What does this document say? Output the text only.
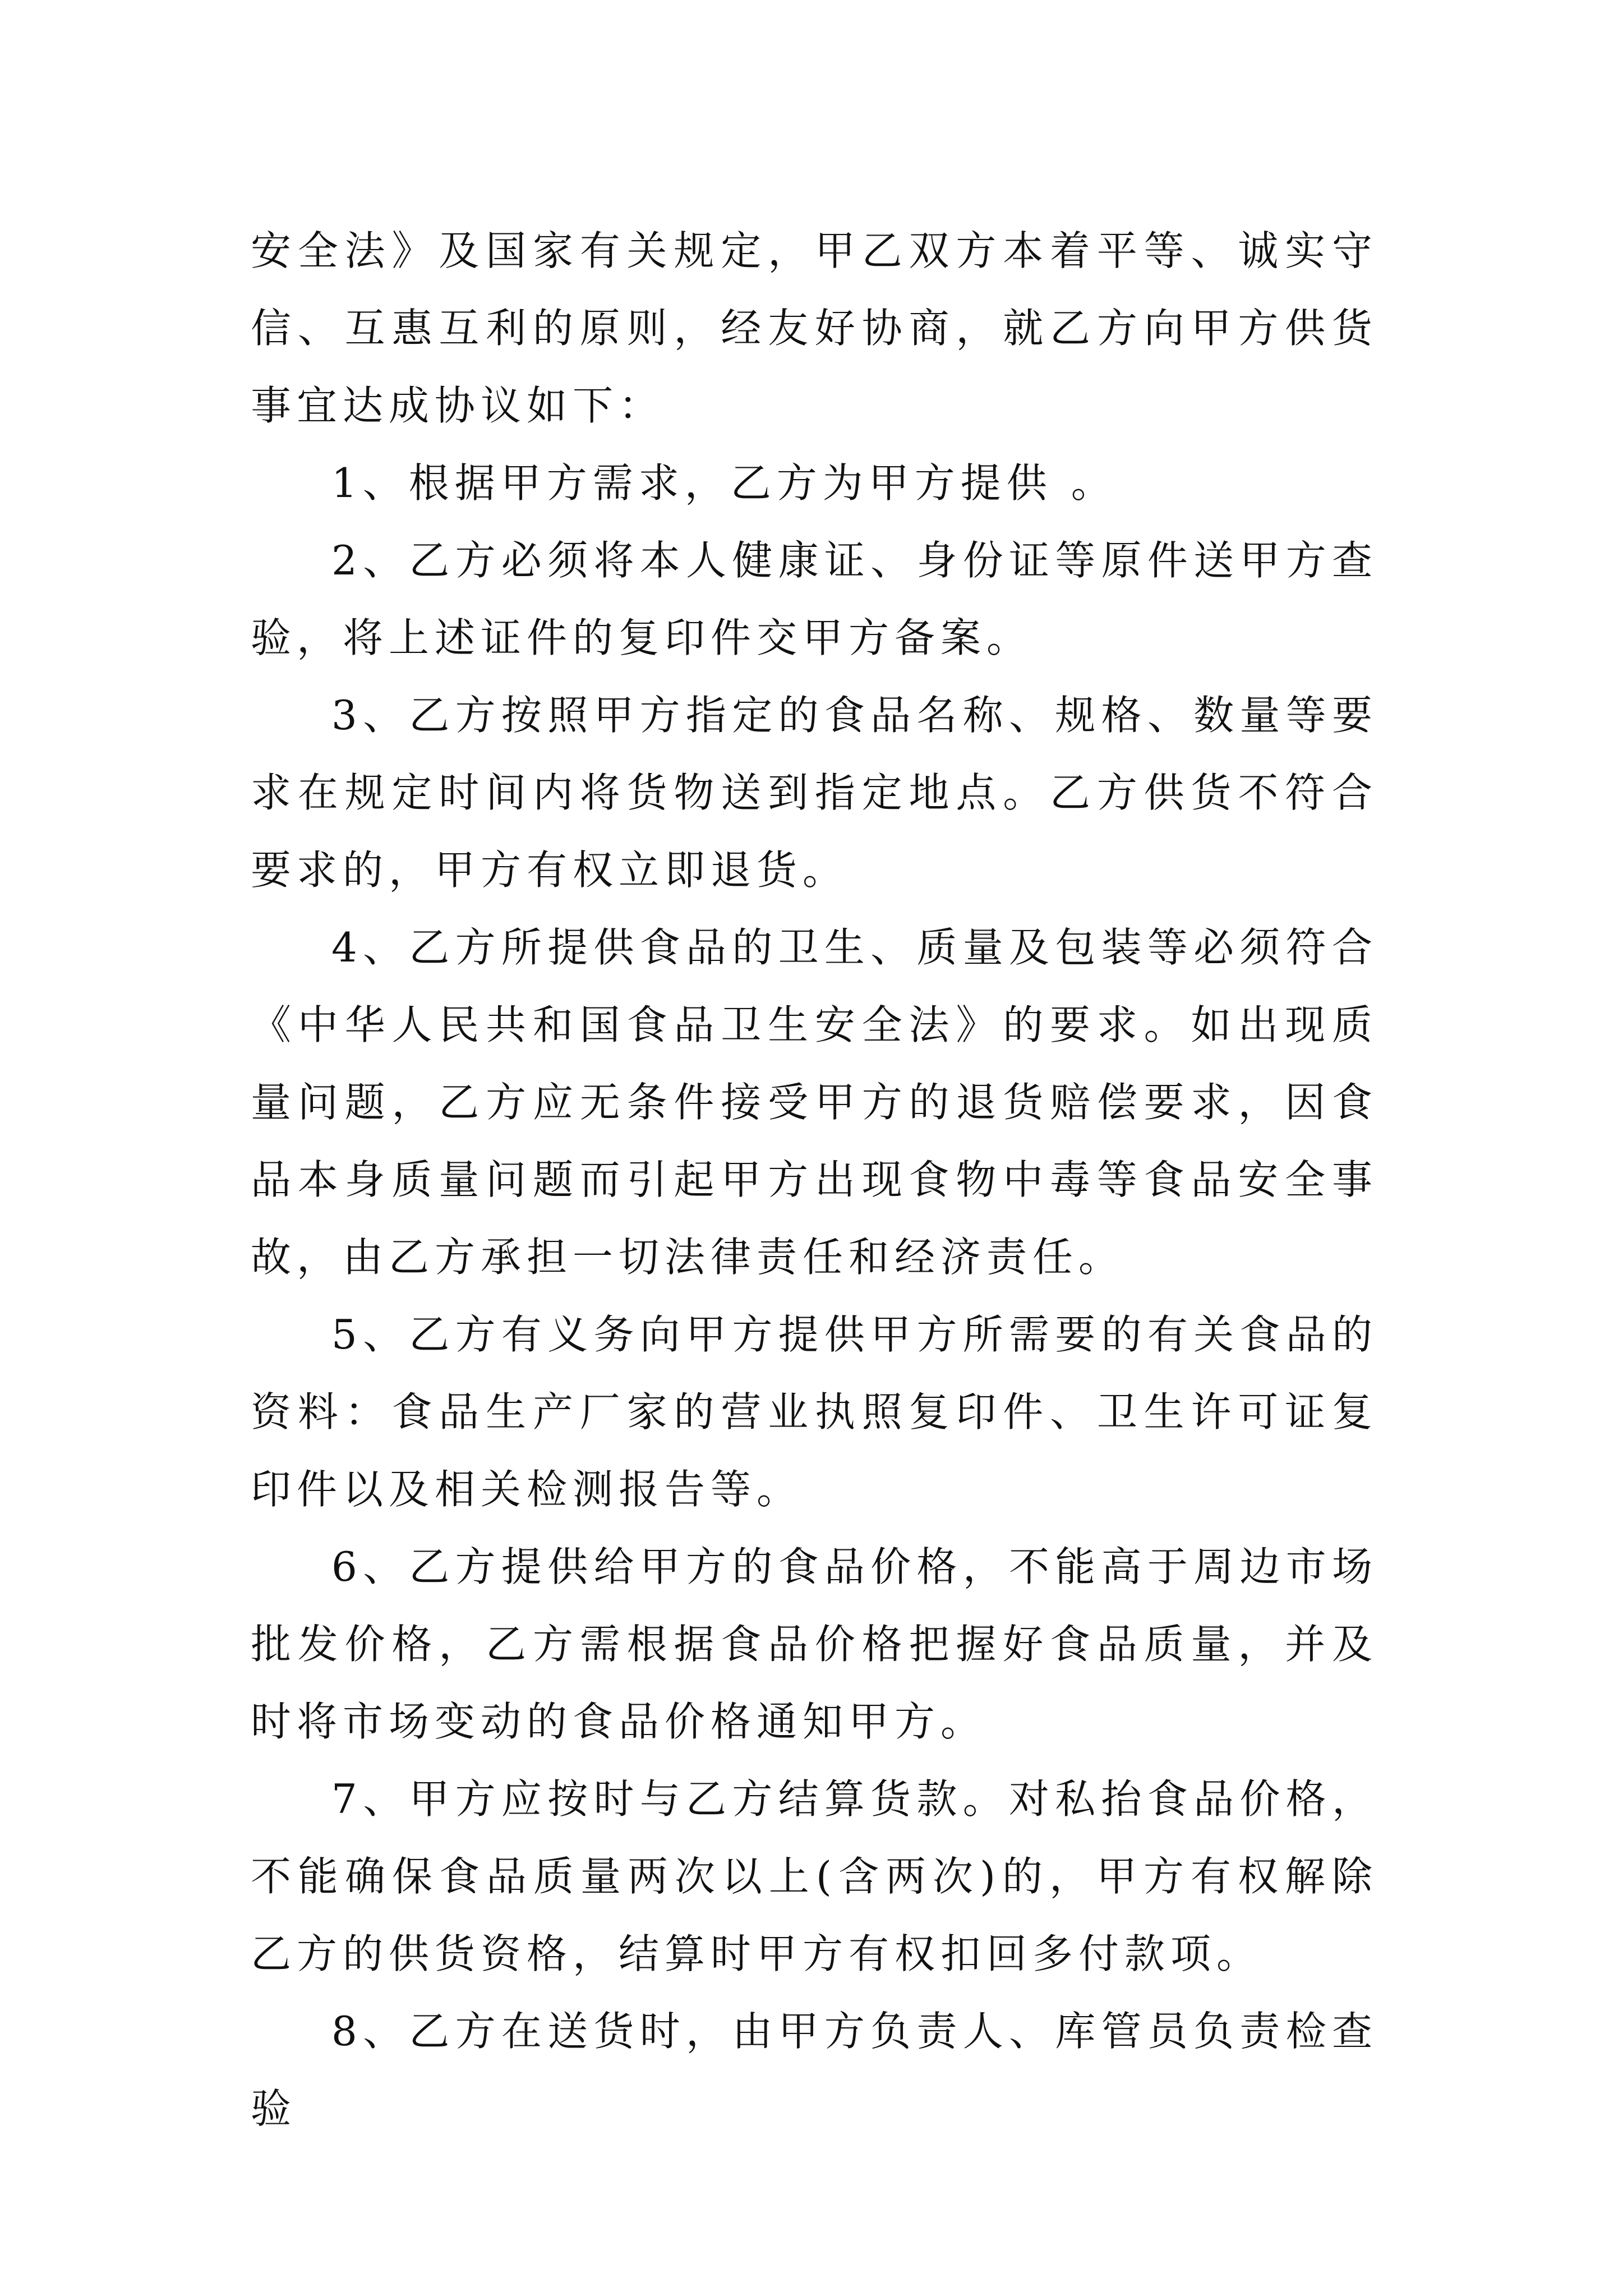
安全法》及国家有关规定，甲乙双方本着平等、诚实守信、互惠互利的原则，经友好协商，就乙方向甲方供货事宜达成协议如下：

1、根据甲方需求，乙方为甲方提供 。

2、乙方必须将本人健康证、身份证等原件送甲方查验，将上述证件的复印件交甲方备案。

3、乙方按照甲方指定的食品名称、规格、数量等要求在规定时间内将货物送到指定地点。乙方供货不符合要求的，甲方有权立即退货。

4、乙方所提供食品的卫生、质量及包装等必须符合《中华人民共和国食品卫生安全法》的要求。如出现质量问题，乙方应无条件接受甲方的退货赔偿要求，因食品本身质量问题而引起甲方出现食物中毒等食品安全事故，由乙方承担一切法律责任和经济责任。

5、乙方有义务向甲方提供甲方所需要的有关食品的资料：食品生产厂家的营业执照复印件、卫生许可证复印件以及相关检测报告等。

6、乙方提供给甲方的食品价格，不能高于周边市场批发价格，乙方需根据食品价格把握好食品质量，并及时将市场变动的食品价格通知甲方。

7、甲方应按时与乙方结算货款。对私抬食品价格，不能确保食品质量两次以上(含两次)的，甲方有权解除乙方的供货资格，结算时甲方有权扣回多付款项。

8、乙方在送货时，由甲方负责人、库管员负责检查验
